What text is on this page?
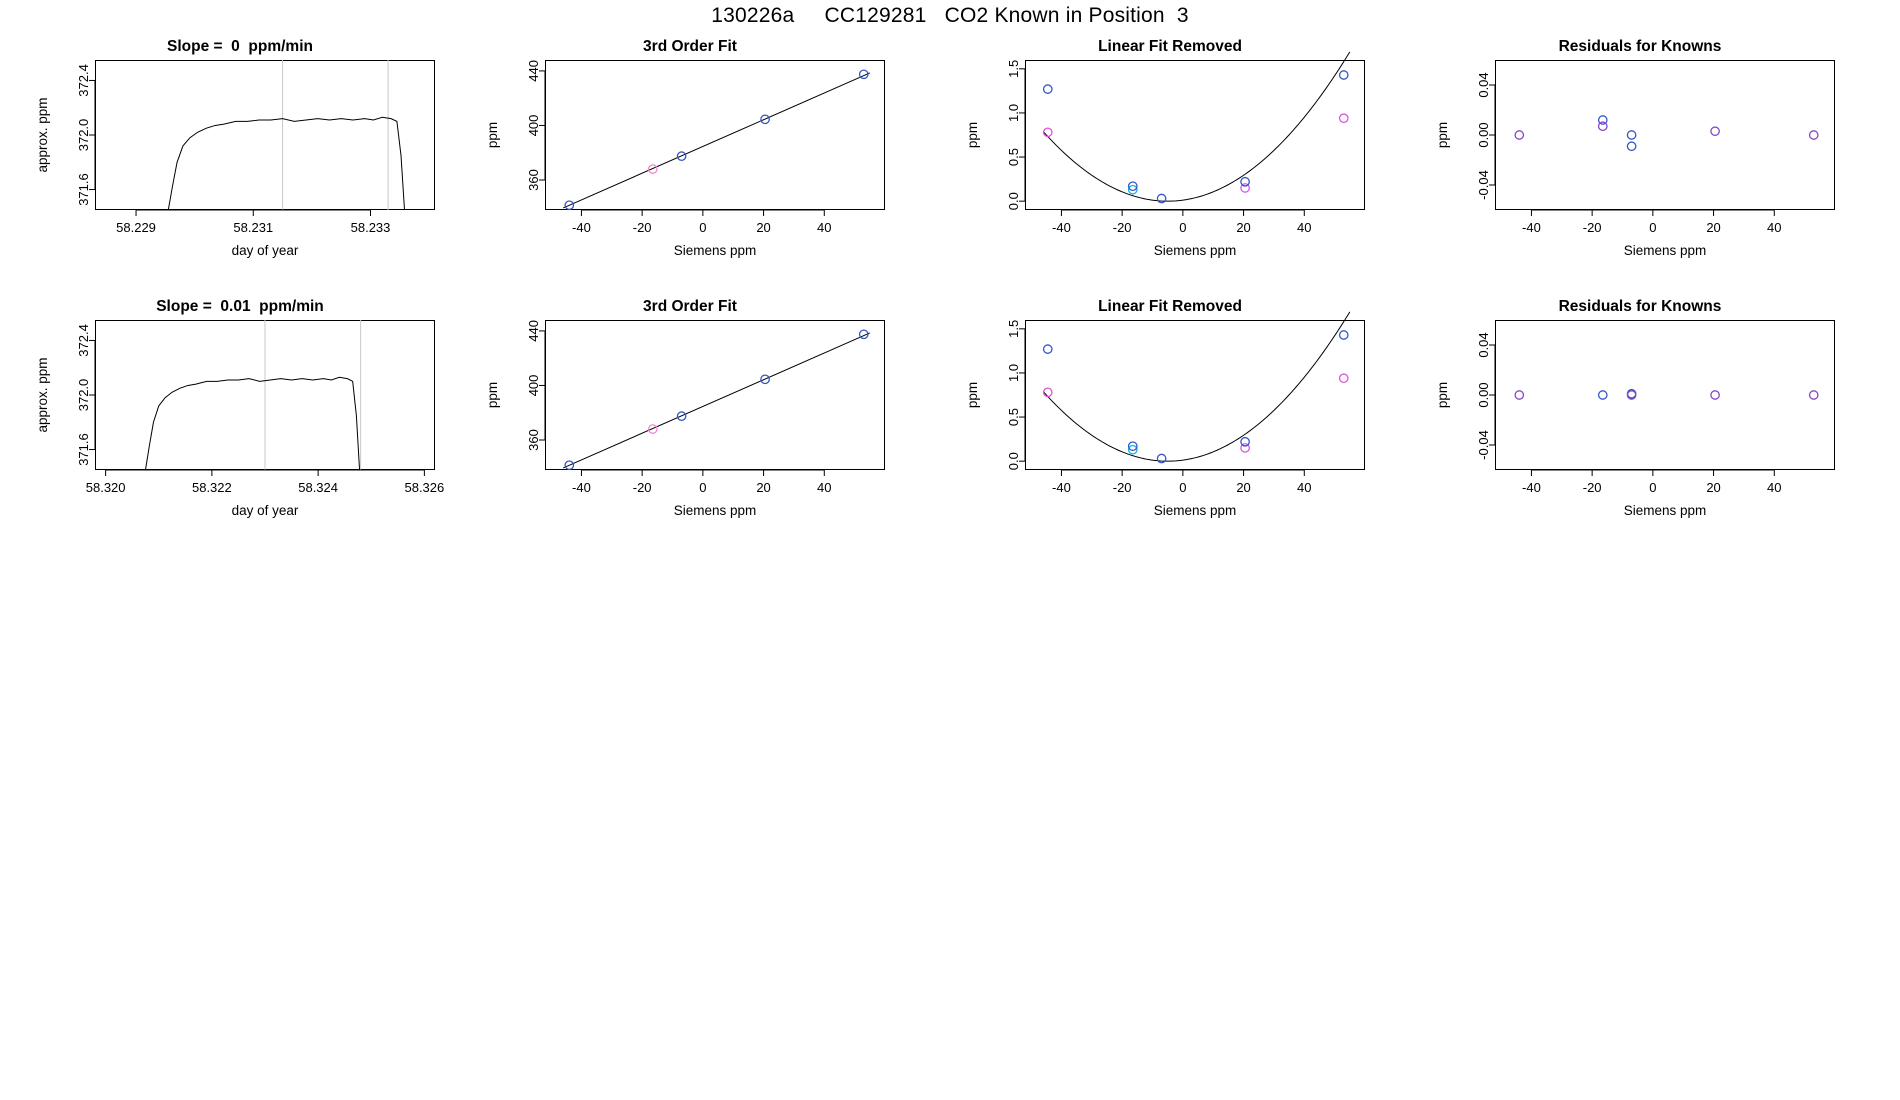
130226a     CC129281   CO2 Known in Position  3
Slope =  0  ppm/min	3rd Order Fit	Linear Fit Removed	Residuals for Knowns
Slope =  0.01  ppm/min	3rd Order Fit	Linear Fit Removed	Residuals for Knowns
58.229	58.231	58.233
day of year
371.6
372.0
372.4
approx. ppm
-40	-20	0	20	40
Siemens ppm
360
400
440
ppm
-40	-20	0	20	40
Siemens ppm
0.0
0.5
1.0
1.5
ppm
-40	-20	0	20	40
Siemens ppm
-0.04
0.00
0.04
ppm
58.320	58.322	58.324	58.326
day of year
371.6
372.0
372.4
approx. ppm
-40	-20	0	20	40
Siemens ppm
360
400
440
ppm
-40	-20	0	20	40
Siemens ppm
0.0
0.5
1.0
1.5
ppm
-40	-20	0	20	40
Siemens ppm
-0.04
0.00
0.04
ppm
